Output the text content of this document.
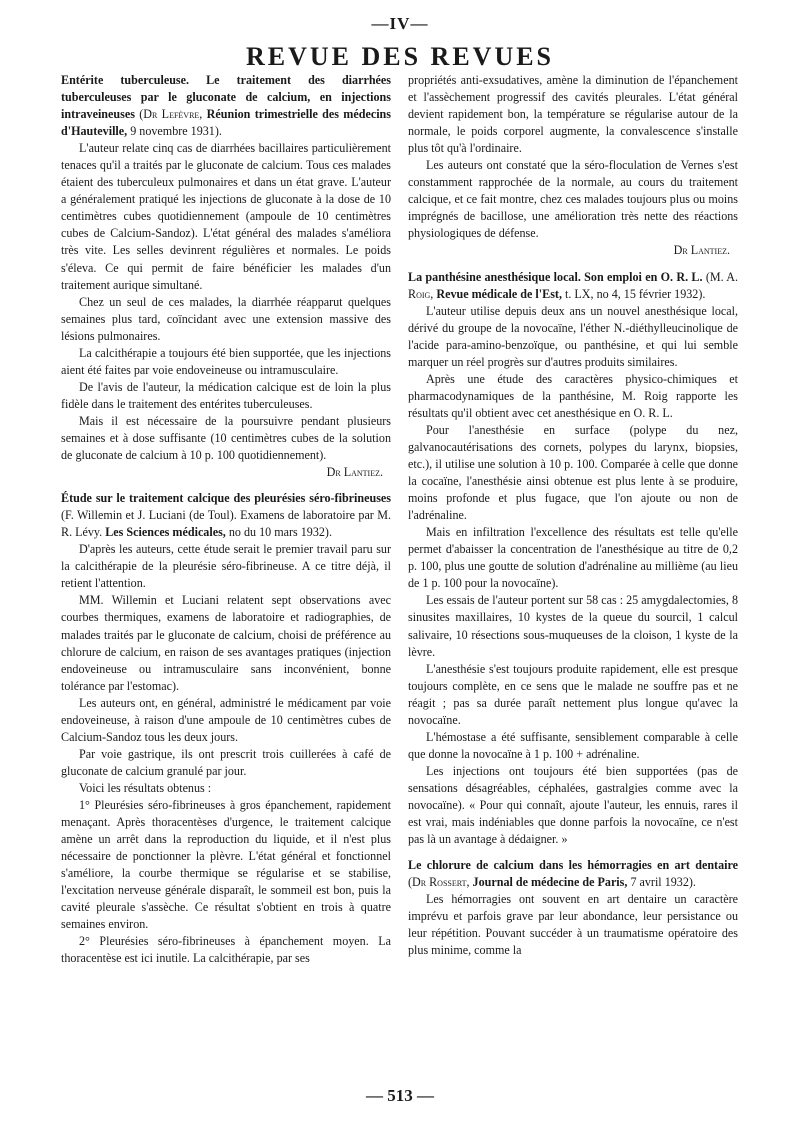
—IV—
REVUE DES REVUES

Entérite tuberculeuse. Le traitement des diarrhées tuberculeuses par le gluconate de calcium, en injections intraveineuses (Dr Lefèvre, Réunion trimestrielle des médecins d'Hauteville, 9 novembre 1931).

L'auteur relate cinq cas de diarrhées bacillaires particulièrement tenaces qu'il a traités par le gluconate de calcium. Tous ces malades étaient des tuberculeux pulmonaires et dans un état grave. L'auteur a généralement pratiqué les injections de gluconate à la dose de 10 centimètres cubes quotidiennement (ampoule de 10 centimètres cubes de Calcium-Sandoz). L'état général des malades s'améliora très vite. Les selles devinrent régulières et normales. Le poids s'éleva. Ce qui permit de faire bénéficier les malades d'un traitement aurique simultané.

Chez un seul de ces malades, la diarrhée réapparut quelques semaines plus tard, coïncidant avec une extension massive des lésions pulmonaires.

La calcithérapie a toujours été bien supportée, que les injections aient été faites par voie endoveineuse ou intramusculaire.

De l'avis de l'auteur, la médication calcique est de loin la plus fidèle dans le traitement des entérites tuberculeuses.

Mais il est nécessaire de la poursuivre pendant plusieurs semaines et à dose suffisante (10 centimètres cubes de la solution de gluconate de calcium à 10 p. 100 quotidiennement).

Dr Lantiez.

Étude sur le traitement calcique des pleurésies séro-fibrineuses (F. Willemin et J. Luciani (de Toul). Examens de laboratoire par M. R. Lévy. Les Sciences médicales, no du 10 mars 1932).

D'après les auteurs, cette étude serait le premier travail paru sur la calcithérapie de la pleurésie séro-fibrineuse. A ce titre déjà, il retient l'attention.

MM. Willemin et Luciani relatent sept observations avec courbes thermiques, examens de laboratoire et radiographies, de malades traités par le gluconate de calcium, choisi de préférence au chlorure de calcium, en raison de ses avantages pratiques (injection endoveineuse ou intramusculaire sans inconvénient, bonne tolérance par l'estomac).

Les auteurs ont, en général, administré le médicament par voie endoveineuse, à raison d'une ampoule de 10 centimètres cubes de Calcium-Sandoz tous les deux jours.

Par voie gastrique, ils ont prescrit trois cuillerées à café de gluconate de calcium granulé par jour.

Voici les résultats obtenus :

1° Pleurésies séro-fibrineuses à gros épanchement, rapidement menaçant. Après thoracentèses d'urgence, le traitement calcique amène un arrêt dans la reproduction du liquide, et il n'est plus nécessaire de ponctionner la plèvre. L'état général et fonctionnel s'améliore, la courbe thermique se régularise et se stabilise, l'excitation nerveuse générale disparaît, le sommeil est bon, puis la cavité pleurale s'assèche. Ce résultat s'obtient en trois à quatre semaines environ.

2° Pleurésies séro-fibrineuses à épanchement moyen. La thoracentèse est ici inutile. La calcithérapie, par ses

propriétés anti-exsudatives, amène la diminution de l'épanchement et l'assèchement progressif des cavités pleurales. L'état général devient rapidement bon, la température se régularise autour de la normale, le poids corporel augmente, la convalescence s'installe plus tôt qu'à l'ordinaire.

Les auteurs ont constaté que la séro-floculation de Vernes s'est constamment rapprochée de la normale, au cours du traitement calcique, et ce fait montre, chez ces malades toujours plus ou moins imprégnés de bacillose, une amélioration très nette des réactions physiologiques de défense.

Dr Lantiez.

La panthésine anesthésique local. Son emploi en O. R. L. (M. A. Roig, Revue médicale de l'Est, t. LX, no 4, 15 février 1932).

L'auteur utilise depuis deux ans un nouvel anesthésique local, dérivé du groupe de la novocaïne, l'éther N.-diéthylleucinolique de l'acide para-amino-benzoïque, ou panthésine, et qui lui semble marquer un réel progrès sur d'autres produits similaires.

Après une étude des caractères physico-chimiques et pharmacodynamiques de la panthésine, M. Roig rapporte les résultats qu'il obtient avec cet anesthésique en O. R. L.

Pour l'anesthésie en surface (polype du nez, galvanocautérisations des cornets, polypes du larynx, biopsies, etc.), il utilise une solution à 10 p. 100. Comparée à celle que donne la cocaïne, l'anesthésie ainsi obtenue est plus lente à se produire, moins profonde et plus fugace, que l'on ajoute ou non de l'adrénaline.

Mais en infiltration l'excellence des résultats est telle qu'elle permet d'abaisser la concentration de l'anesthésique au titre de 0,2 p. 100, plus une goutte de solution d'adrénaline au millième (au lieu de 1 p. 100 pour la novocaïne).

Les essais de l'auteur portent sur 58 cas : 25 amygdalectomies, 8 sinusites maxillaires, 10 kystes de la queue du sourcil, 1 calcul salivaire, 10 résections sous-muqueuses de la cloison, 1 kyste de la lèvre.

L'anesthésie s'est toujours produite rapidement, elle est presque toujours complète, en ce sens que le malade ne souffre pas et ne réagit ; pas sa durée paraît nettement plus longue qu'avec la novocaïne.

L'hémostase a été suffisante, sensiblement comparable à celle que donne la novocaïne à 1 p. 100 + adrénaline.

Les injections ont toujours été bien supportées (pas de sensations désagréables, céphalées, gastralgies comme avec la novocaïne). « Pour qui connaît, ajoute l'auteur, les ennuis, rares il est vrai, mais indéniables que donne parfois la novocaïne, ce n'est pas là un avantage à dédaigner. »

Le chlorure de calcium dans les hémorragies en art dentaire (Dr Rossert, Journal de médecine de Paris, 7 avril 1932).

Les hémorragies ont souvent en art dentaire un caractère imprévu et parfois grave par leur abondance, leur persistance ou leur répétition. Pouvant succéder à un traumatisme opératoire des plus minime, comme la

— 513 —
